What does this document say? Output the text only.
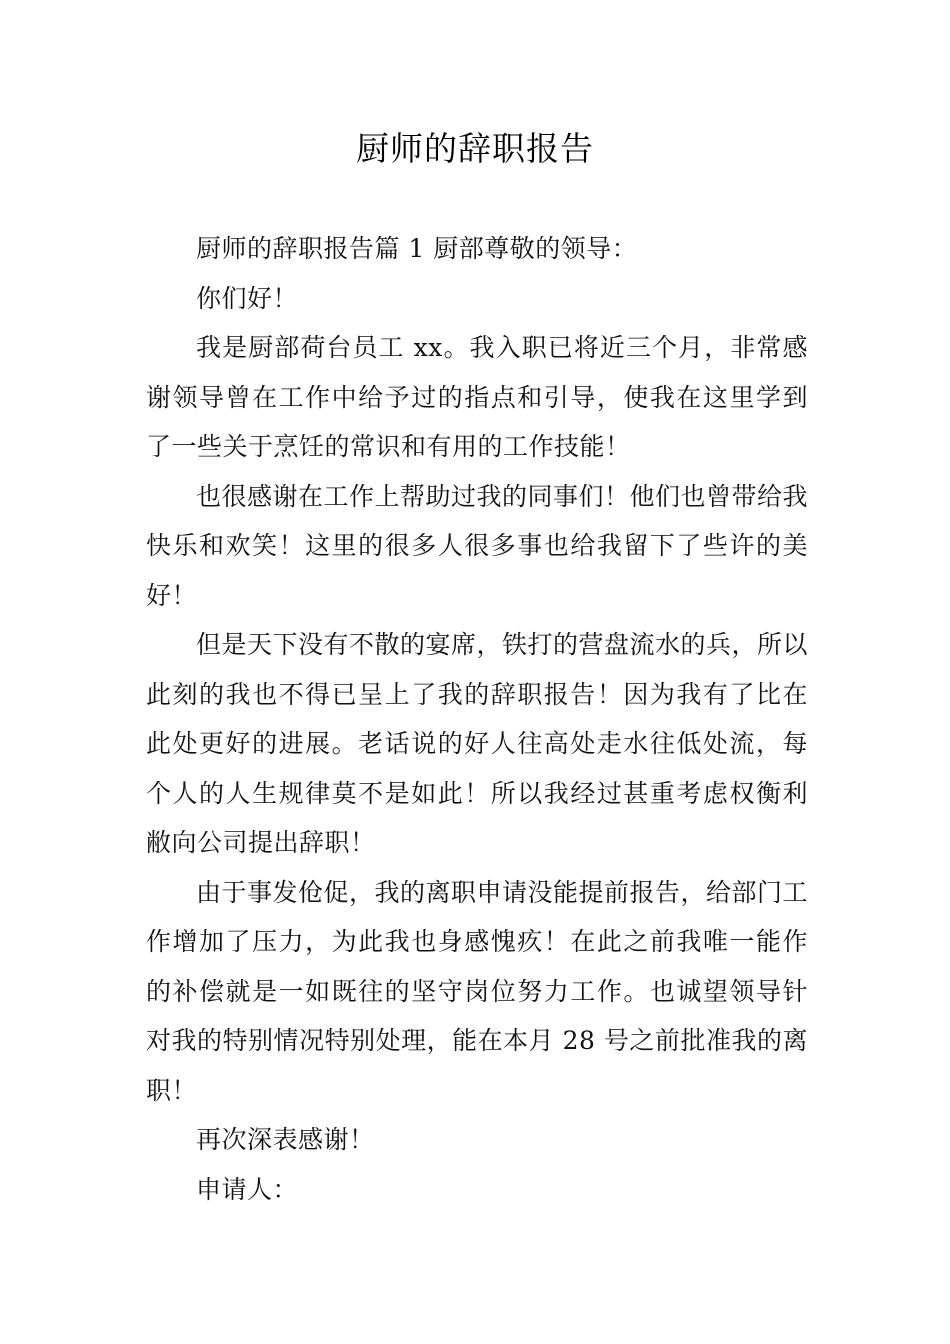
厨师的辞职报告

厨师的辞职报告篇 1 厨部尊敬的领导：

你们好！

我是厨部荷台员工 xx。我入职已将近三个月，非常感谢领导曾在工作中给予过的指点和引导，使我在这里学到了一些关于烹饪的常识和有用的工作技能！

也很感谢在工作上帮助过我的同事们！他们也曾带给我快乐和欢笑！这里的很多人很多事也给我留下了些许的美好！

但是天下没有不散的宴席，铁打的营盘流水的兵，所以此刻的我也不得已呈上了我的辞职报告！因为我有了比在此处更好的进展。老话说的好人往高处走水往低处流，每个人的人生规律莫不是如此！所以我经过甚重考虑权衡利敝向公司提出辞职！

由于事发伧促，我的离职申请没能提前报告，给部门工作增加了压力，为此我也身感愧疚！在此之前我唯一能作的补偿就是一如既往的坚守岗位努力工作。也诚望领导针对我的特别情况特别处理，能在本月 28 号之前批准我的离职！

再次深表感谢！

申请人：
